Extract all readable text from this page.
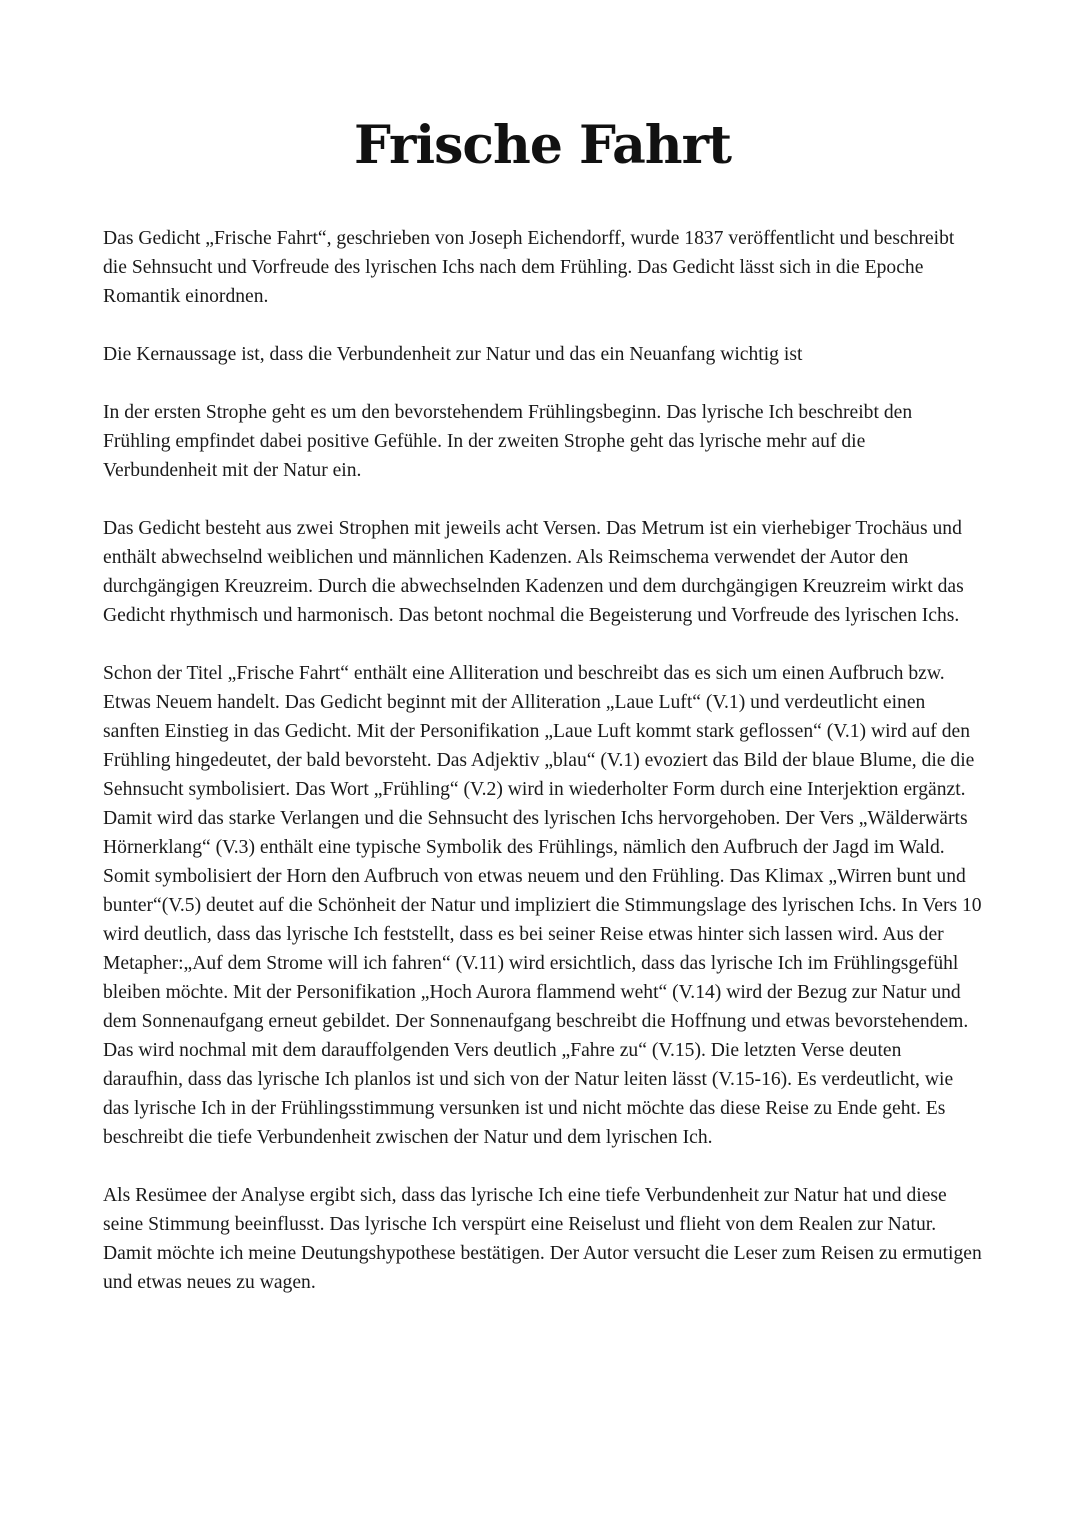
Frische Fahrt

Das Gedicht „Frische Fahrt“, geschrieben von Joseph Eichendorff, wurde 1837 veröffentlicht und beschreibt die Sehnsucht und Vorfreude des lyrischen Ichs nach dem Frühling. Das Gedicht lässt sich in die Epoche Romantik einordnen.

Die Kernaussage ist, dass die Verbundenheit zur Natur und das ein Neuanfang wichtig ist

In der ersten Strophe geht es um den bevorstehendem Frühlingsbeginn. Das lyrische Ich beschreibt den Frühling empfindet dabei positive Gefühle. In der zweiten Strophe geht das lyrische mehr auf die Verbundenheit mit der Natur ein.

Das Gedicht besteht aus zwei Strophen mit jeweils acht Versen. Das Metrum ist ein vierhebiger Trochäus und enthält abwechselnd weiblichen und männlichen Kadenzen. Als Reimschema verwendet der Autor den durchgängigen Kreuzreim. Durch die abwechselnden Kadenzen und dem durchgängigen Kreuzreim wirkt das Gedicht rhythmisch und harmonisch. Das betont nochmal die Begeisterung und Vorfreude des lyrischen Ichs.

Schon der Titel „Frische Fahrt“ enthält eine Alliteration und beschreibt das es sich um einen Aufbruch bzw. Etwas Neuem handelt. Das Gedicht beginnt mit der Alliteration „Laue Luft“ (V.1) und verdeutlicht einen sanften Einstieg in das Gedicht. Mit der Personifikation „Laue Luft kommt stark geflossen“ (V.1) wird auf den Frühling hingedeutet, der bald bevorsteht. Das Adjektiv „blau“ (V.1) evoziert das Bild der blaue Blume, die die Sehnsucht symbolisiert. Das Wort „Frühling“ (V.2) wird in wiederholter Form durch eine Interjektion ergänzt. Damit wird das starke Verlangen und die Sehnsucht des lyrischen Ichs hervorgehoben. Der Vers „Wälderwärts Hörnerklang“ (V.3) enthält eine typische Symbolik des Frühlings, nämlich den Aufbruch der Jagd im Wald. Somit symbolisiert der Horn den Aufbruch von etwas neuem und den Frühling. Das Klimax „Wirren bunt und bunter“(V.5) deutet auf die Schönheit der Natur und impliziert die Stimmungslage des lyrischen Ichs. In Vers 10 wird deutlich, dass das lyrische Ich feststellt, dass es bei seiner Reise etwas hinter sich lassen wird. Aus der Metapher:„Auf dem Strome will ich fahren“ (V.11) wird ersichtlich, dass das lyrische Ich im Frühlingsgefühl bleiben möchte. Mit der Personifikation „Hoch Aurora flammend weht“ (V.14) wird der Bezug zur Natur und dem Sonnenaufgang erneut gebildet. Der Sonnenaufgang beschreibt die Hoffnung und etwas bevorstehendem. Das wird nochmal mit dem darauffolgenden Vers deutlich „Fahre zu“ (V.15). Die letzten Verse deuten daraufhin, dass das lyrische Ich planlos ist und sich von der Natur leiten lässt (V.15-16). Es verdeutlicht, wie das lyrische Ich in der Frühlingsstimmung versunken ist und nicht möchte das diese Reise zu Ende geht. Es beschreibt die tiefe Verbundenheit zwischen der Natur und dem lyrischen Ich.

Als Resümee der Analyse ergibt sich, dass das lyrische Ich eine tiefe Verbundenheit zur Natur hat und diese seine Stimmung beeinflusst. Das lyrische Ich verspürt eine Reiselust und flieht von dem Realen zur Natur. Damit möchte ich meine Deutungshypothese bestätigen. Der Autor versucht die Leser zum Reisen zu ermutigen und etwas neues zu wagen.
